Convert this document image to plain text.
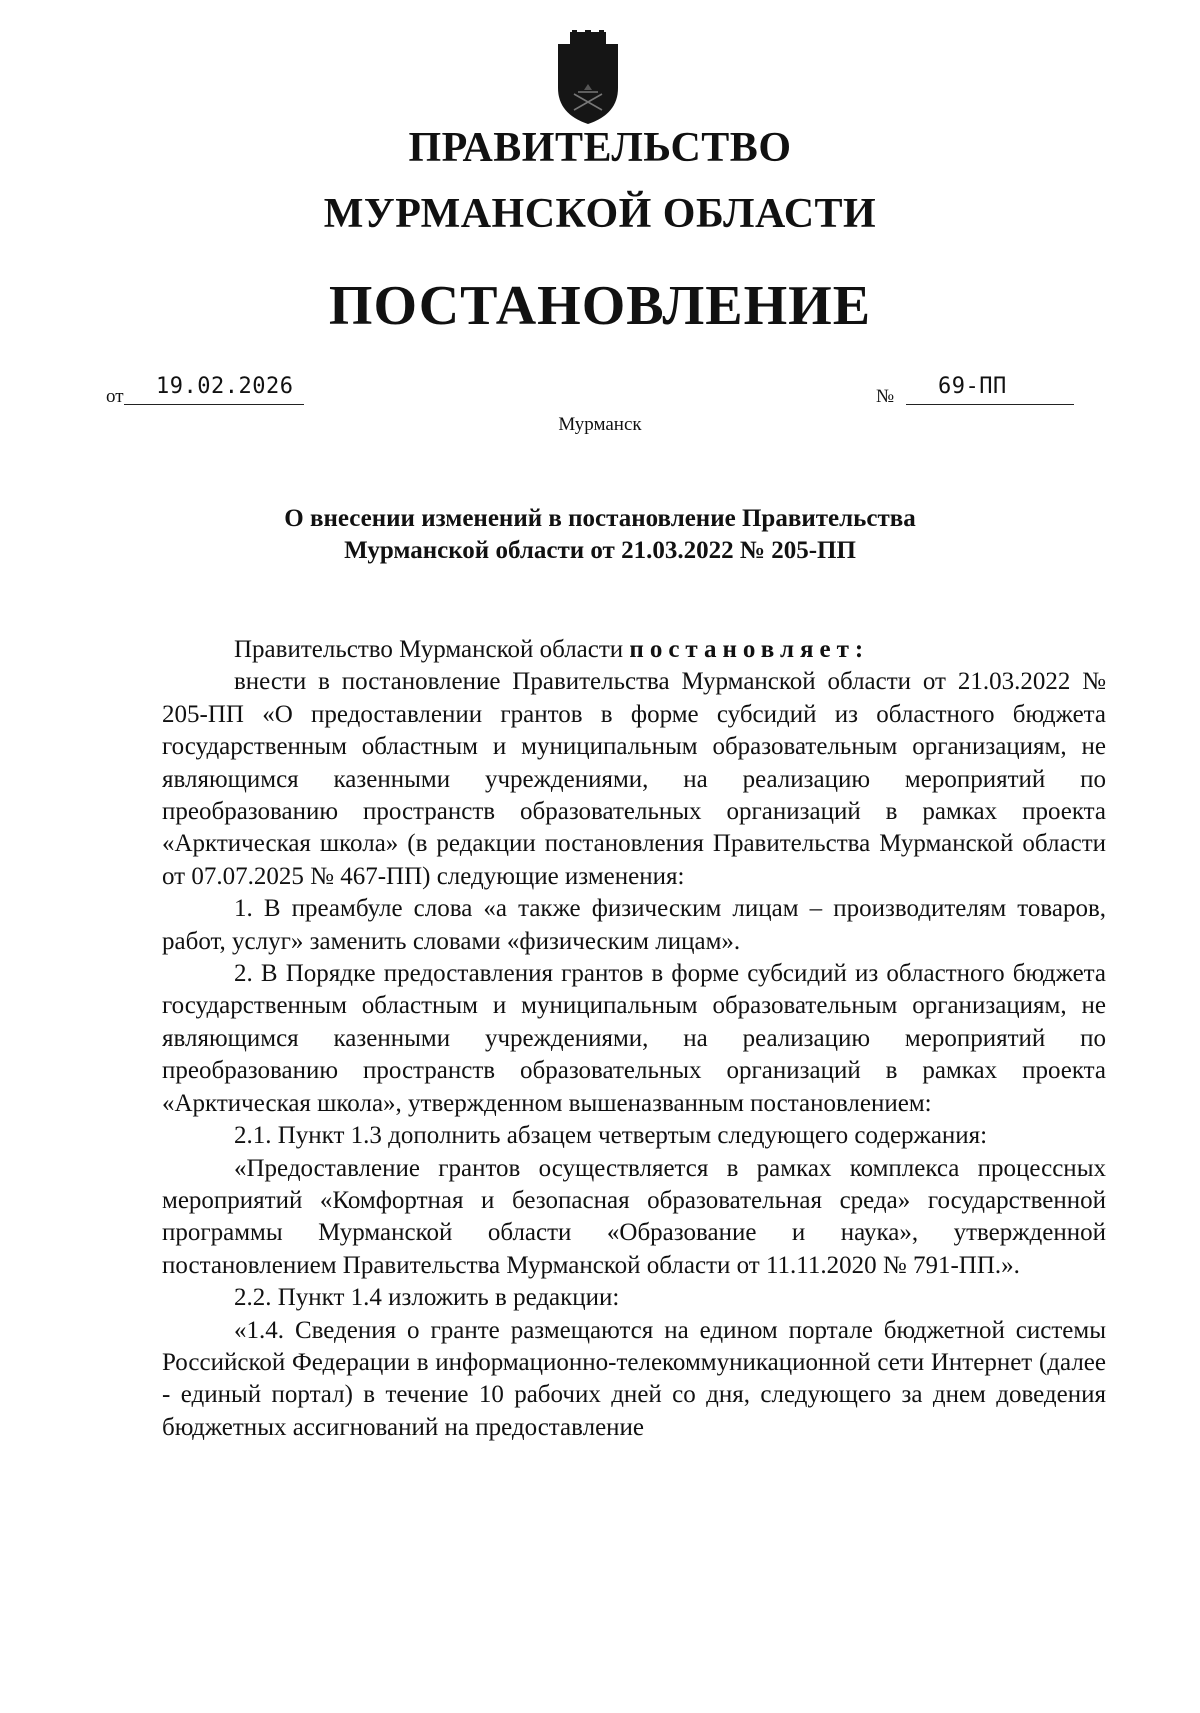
ПРАВИТЕЛЬСТВО
МУРМАНСКОЙ ОБЛАСТИ
ПОСТАНОВЛЕНИЕ
от 19.02.2026	№ 69-ПП
Мурманск
О внесении изменений в постановление Правительства
Мурманской области от 21.03.2022 № 205-ПП

Правительство Мурманской области постановляет:

внести в постановление Правительства Мурманской области от 21.03.2022 № 205-ПП «О предоставлении грантов в форме субсидий из областного бюджета государственным областным и муниципальным образовательным организациям, не являющимся казенными учреждениями, на реализацию мероприятий по преобразованию пространств образовательных организаций в рамках проекта «Арктическая школа» (в редакции постановления Правительства Мурманской области от 07.07.2025 № 467-ПП) следующие изменения:

1. В преамбуле слова «а также физическим лицам – производителям товаров, работ, услуг» заменить словами «физическим лицам».

2. В Порядке предоставления грантов в форме субсидий из областного бюджета государственным областным и муниципальным образовательным организациям, не являющимся казенными учреждениями, на реализацию мероприятий по преобразованию пространств образовательных организаций в рамках проекта «Арктическая школа», утвержденном вышеназванным постановлением:

2.1. Пункт 1.3 дополнить абзацем четвертым следующего содержания:

«Предоставление грантов осуществляется в рамках комплекса процессных мероприятий «Комфортная и безопасная образовательная среда» государственной программы Мурманской области «Образование и наука», утвержденной постановлением Правительства Мурманской области от 11.11.2020 № 791-ПП.».

2.2. Пункт 1.4 изложить в редакции:

«1.4. Сведения о гранте размещаются на едином портале бюджетной системы Российской Федерации в информационно-телекоммуникационной сети Интернет (далее - единый портал) в течение 10 рабочих дней со дня, следующего за днем доведения бюджетных ассигнований на предоставление
